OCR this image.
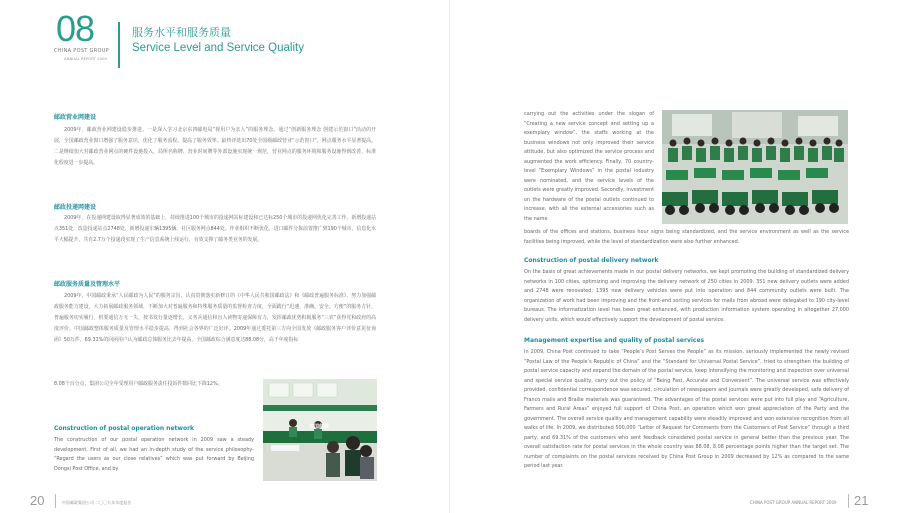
08
CHINA POST GROUP
ANNUAL REPORT 2009
服务水平和服务质量
Service Level and Service Quality
邮政营业网建设
2009年，邮政营业网建设稳步推进。一是深入学习北京东四邮电局“视用户为亲人”的服务理念，通过“创新服务理念 创建示范窗口”活动的开展，全国邮政营业窗口增强了服务意识，优化了服务流程，提高了服务效率。最终评选出70处全国级邮政营业“示范窗口”，网点服务水平显著提高。二是继续加大对邮政营业网点的硬件设施投入，局所名称牌、营业时间牌等外部设施实现统一规范，营业网点的服务环境和服务设施得到改善，标准化程度进一步提高。
邮政投递网建设
2009年，在投递网建设取得显著成效的基础上，持续推进100个城市的投递网站标建设和已达标250个城市的投递网优化完善工作。新增投递站点351处，改造投递站点2748处，新增投递车辆1395辆，社区服务网点844处。作业组织不断优化，进口邮件分拣前置推广到190个城市。信息化水平大幅提升，共有2.7万个投递段实现了生产信息系统上线运行，有效支撑了邮务类业务的发展。
邮政服务质量及管理水平
2009年，中国邮政秉承“人民邮政为人民”的服务宗旨，认真贯彻落实新修订的《中华人民共和国邮政法》和《邮政普遍服务标准》，努力加强邮政服务能力建设，大力拓展邮政服务领域，不断加大对普遍服务和特殊服务质量的监督检查力度，全面践行“迅速、准确、安全、方便”的服务方针，普遍服务切实履行，机要通信万无一失，按书发行量逐增长，义务兵通信和盲人读物寄递保障有力，发挥邮政优势积极服务“三农”获得党和政府的高度评价。中国邮政整体服务质量及管理水平稳步提高，得到社会各界的广泛好评。2009年通过委托第三方向全国发放《邮政服务客户评价意见征询函》50万件，69.31%的回函用户认为邮政总体服务比去年提高，全国邮政综合满意度达88.08分，高于年度指标
8.08个百分点，集团公司全年受理用户邮政服务责任投诉件数同比下降12%。
Construction of postal operation network
The construction of our postal operation network in 2009 saw a steady development. First of all, we had an in-depth study of the service philosophy- “Regard the users as our close relatives” which was put forward by Beijing Dongsi Post Office, and by
中国邮政
20	中国邮政集团公司 二〇〇九年年度报告
carrying out the activities under the slogan of “Creating a new service concept and setting up a exemplary window”, the staffs working at the business windows not only improved their service attitude, but also optimized the service process and augmented the work efficiency. Finally, 70 country-level “Exemplary Windows” in the postal industry were nominated, and the service levels of the outlets were greatly improved. Secondly, investment on the hardware of the postal outlets continued to increase, with all the external accessories such as the name
boards of the offices and stations, business hour signs being standardized, and the service environment as well as the service facilities being improved, while the level of standardization were also further enhanced.
Construction of postal delivery network
On the basis of great achievements made in our postal delivery networks, we kept promoting the building of standardized delivery networks in 100 cities, optimizing and improving the delivery network of 250 cities in 2009. 351 new delivery outlets were added and 2748 were renovated; 1395 new delivery vehicles were put into operation and 844 community outlets were built. The organization of work had been improving and the front-end sorting services for mails from abroad were delegated to 190 city-level bureaus. The informatization level has been great enhanced, with production information system operating in altogether 27,000 delivery units, which would effectively support the development of postal service.
Management expertise and quality of postal services
In 2009, China Post continued to take “People’s Post Serves the People” as its mission, seriously implemented the newly revised “Postal Law of the People’s Republic of China” and the “Standard for Universal Postal Service”, tried to strengthen the building of postal service capacity and expand the domain of the postal service, keep intensifying the monitoring and inspection over universal and special service quality, carry out the policy of “Being Fast, Accurate and Convenient”. The universal service was effectively provided, confidential correspondence was secured, circulation of newspapers and journals were greatly developed, safe delivery of Franco mails and Braille materials was guaranteed. The advantages of the postal services were put into full play and “Agriculture, Farmers and Rural Areas” enjoyed full support of China Post, an operation which won great appreciation of the Party and the government. The overall service quality and management capability were steadily improved and won extensive recognition from all walks of life. In 2009, we distributed 500,000 “Letter of Request for Comments from the Customers of Post Service” through a third party, and 69.31% of the customers who sent feedback considered postal service in general better than the previous year. The overall satisfaction rate for postal services in the whole country was 88.08, 8.08 percentage points higher than the target set. The number of complaints on the postal services received by China Post Group in 2009 decreased by 12% as compared to the same period last year.
CHINA POST GROUP ANNUAL REPORT 2009 21
